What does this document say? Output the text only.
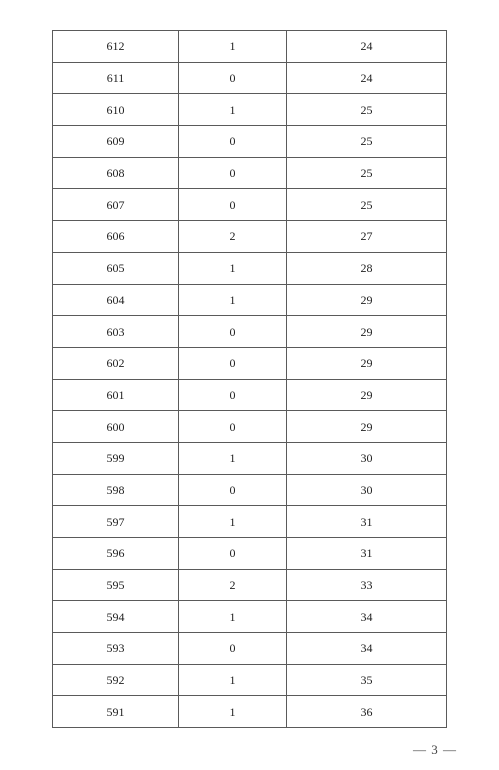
612	1	24
611	0	24
610	1	25
609	0	25
608	0	25
607	0	25
606	2	27
605	1	28
604	1	29
603	0	29
602	0	29
601	0	29
600	0	29
599	1	30
598	0	30
597	1	31
596	0	31
595	2	33
594	1	34
593	0	34
592	1	35
591	1	36
— 3 —
